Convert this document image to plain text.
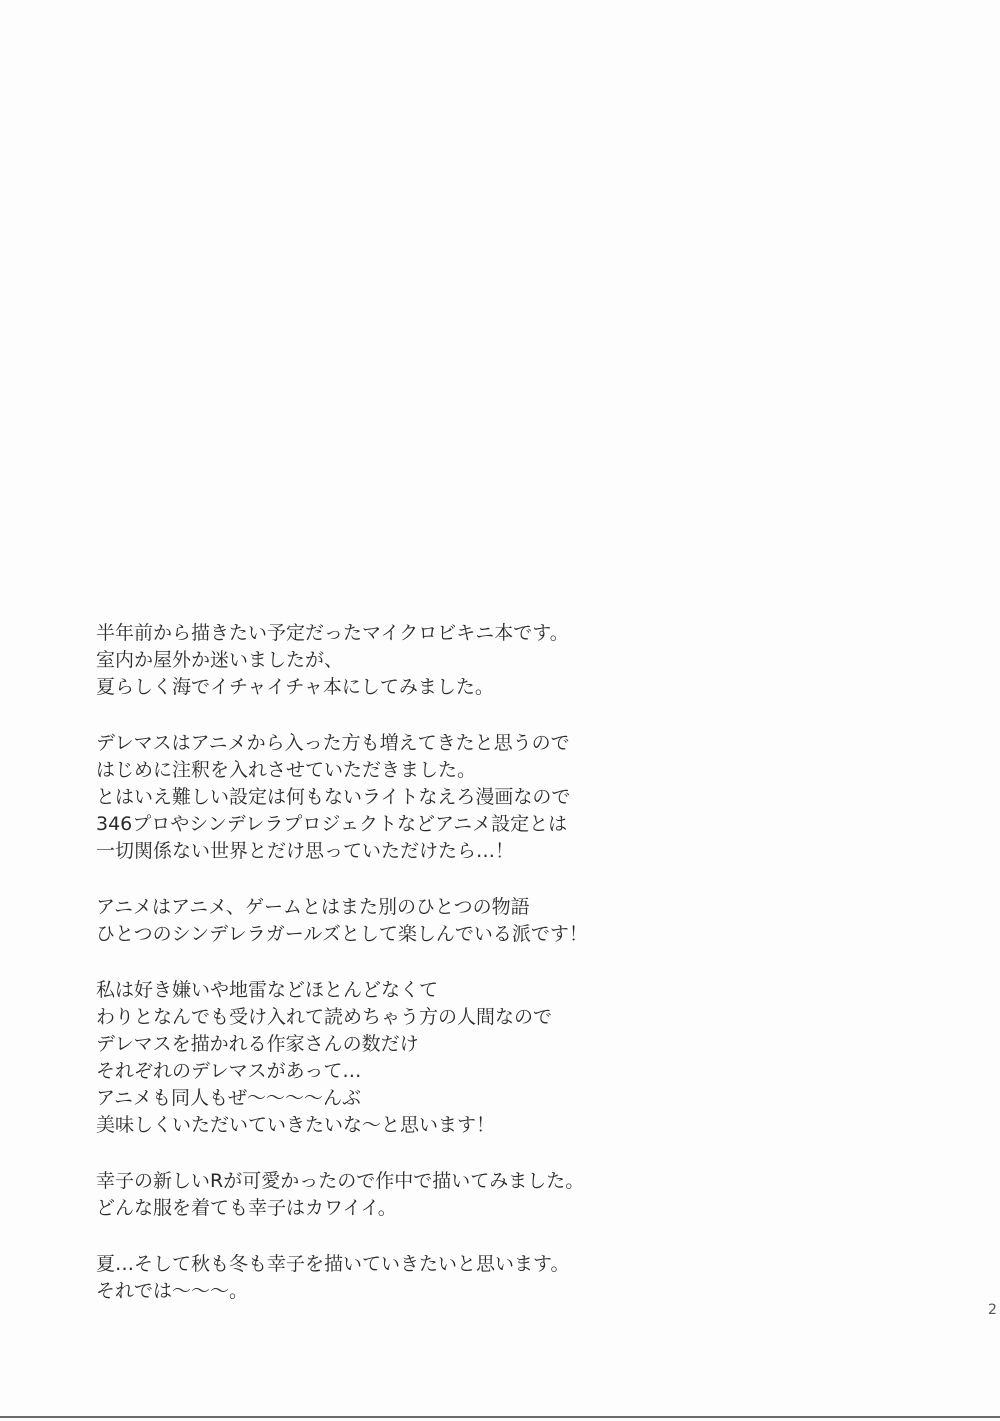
半年前から描きたい予定だったマイクロビキニ本です。
室内か屋外か迷いましたが、
夏らしく海でイチャイチャ本にしてみました。
デレマスはアニメから入った方も増えてきたと思うので
はじめに注釈を入れさせていただきました。
とはいえ難しい設定は何もないライトなえろ漫画なので
346プロやシンデレラプロジェクトなどアニメ設定とは
一切関係ない世界とだけ思っていただけたら…！
アニメはアニメ、ゲームとはまた別のひとつの物語
ひとつのシンデレラガールズとして楽しんでいる派です！
私は好き嫌いや地雷などほとんどなくて
わりとなんでも受け入れて読めちゃう方の人間なので
デレマスを描かれる作家さんの数だけ
それぞれのデレマスがあって…
アニメも同人もぜ～～～～んぶ
美味しくいただいていきたいな～と思います！
幸子の新しいRが可愛かったので作中で描いてみました。
どんな服を着ても幸子はカワイイ。
夏…そして秋も冬も幸子を描いていきたいと思います。
それでは～～～。
2
